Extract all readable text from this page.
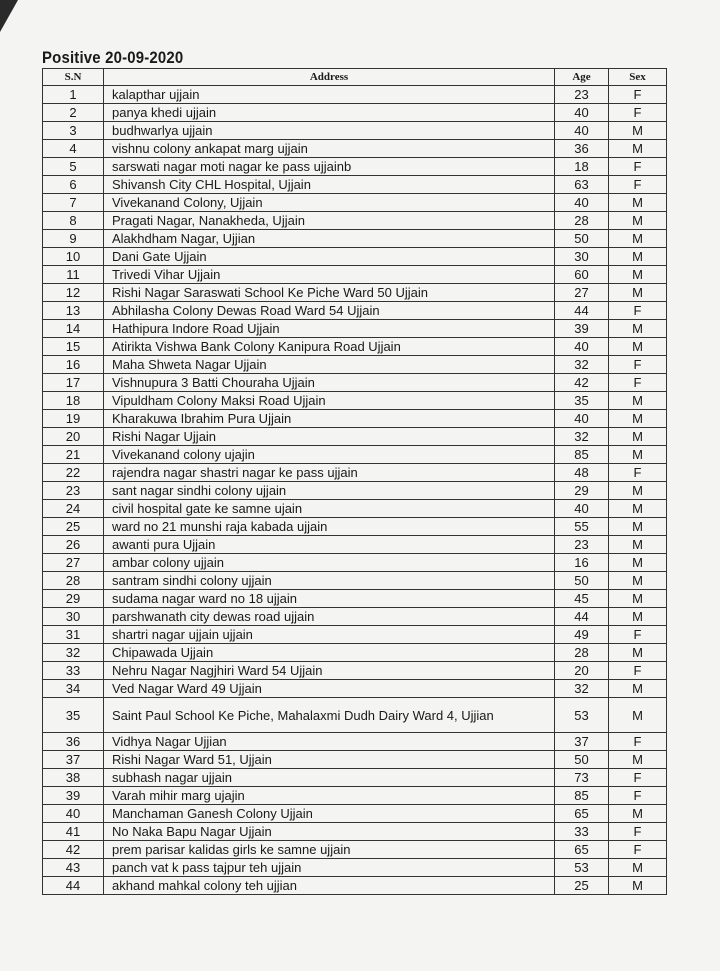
Positive 20-09-2020
S.N	Address	Age	Sex
1	kalapthar ujjain	23	F
2	panya khedi ujjain	40	F
3	budhwarlya ujjain	40	M
4	vishnu colony ankapat marg ujjain	36	M
5	sarswati nagar moti nagar ke pass ujjainb	18	F
6	Shivansh City CHL Hospital, Ujjain	63	F
7	Vivekanand Colony, Ujjain	40	M
8	Pragati Nagar, Nanakheda, Ujjain	28	M
9	Alakhdham Nagar, Ujjian	50	M
10	Dani Gate Ujjain	30	M
11	Trivedi Vihar Ujjain	60	M
12	Rishi Nagar Saraswati School Ke Piche Ward 50 Ujjain	27	M
13	Abhilasha Colony Dewas Road Ward 54 Ujjain	44	F
14	Hathipura Indore Road Ujjain	39	M
15	Atirikta Vishwa Bank Colony Kanipura Road Ujjain	40	M
16	Maha Shweta Nagar Ujjain	32	F
17	Vishnupura 3 Batti Chouraha Ujjain	42	F
18	Vipuldham Colony Maksi Road Ujjain	35	M
19	Kharakuwa Ibrahim Pura Ujjain	40	M
20	Rishi Nagar Ujjain	32	M
21	Vivekanand colony ujajin	85	M
22	rajendra nagar shastri nagar ke pass ujjain	48	F
23	sant nagar sindhi colony ujjain	29	M
24	civil hospital gate ke samne ujain	40	M
25	ward no 21 munshi raja kabada ujjain	55	M
26	awanti pura Ujjain	23	M
27	ambar colony ujjain	16	M
28	santram sindhi colony ujjain	50	M
29	sudama nagar ward no 18 ujjain	45	M
30	parshwanath city dewas road ujjain	44	M
31	shartri nagar ujjain ujjain	49	F
32	Chipawada Ujjain	28	M
33	Nehru Nagar Nagjhiri Ward 54 Ujjain	20	F
34	Ved Nagar Ward 49 Ujjain	32	M
35	Saint Paul School Ke Piche, Mahalaxmi Dudh Dairy Ward 4, Ujjian	53	M
36	Vidhya Nagar Ujjian	37	F
37	Rishi Nagar Ward 51, Ujjain	50	M
38	subhash nagar ujjain	73	F
39	Varah mihir marg ujajin	85	F
40	Manchaman Ganesh Colony Ujjain	65	M
41	No Naka Bapu Nagar Ujjain	33	F
42	prem parisar kalidas girls ke samne ujjain	65	F
43	panch vat k pass tajpur teh ujjain	53	M
44	akhand mahkal colony teh ujjian	25	M
